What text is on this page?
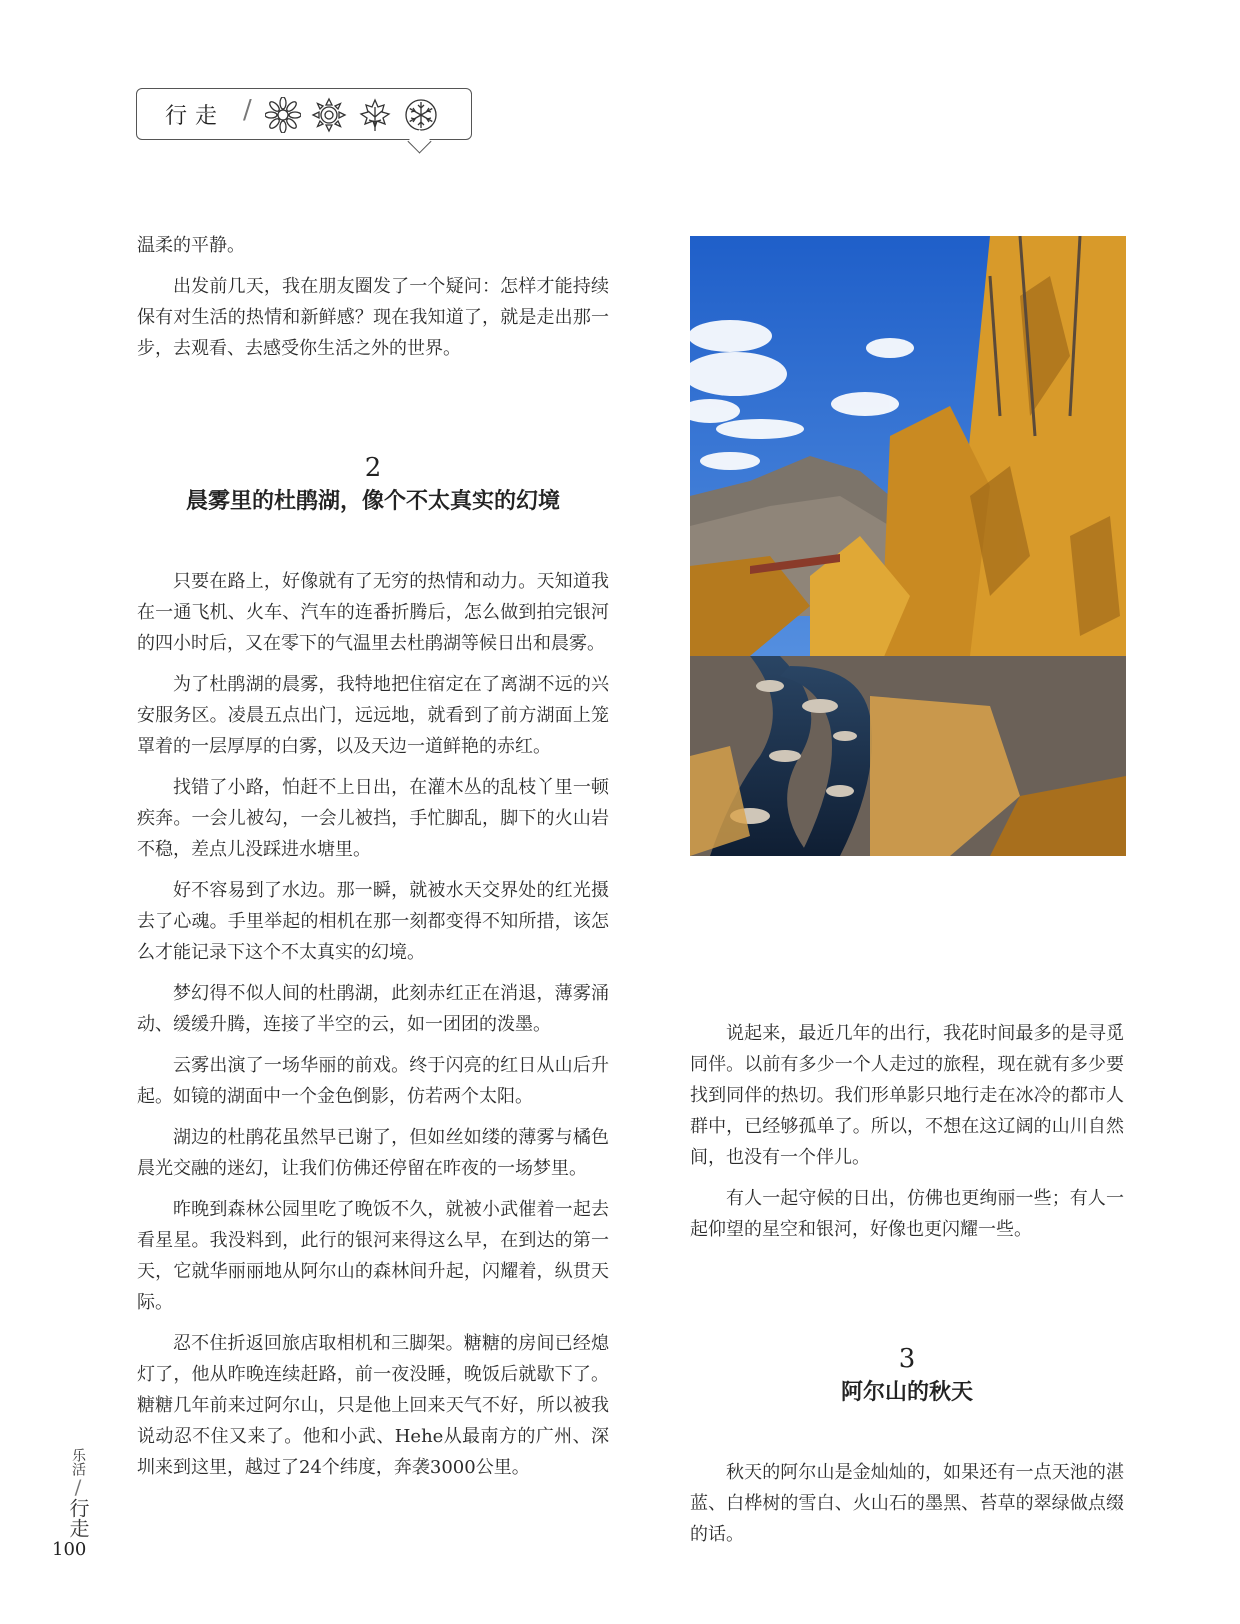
行走 /

温柔的平静。

出发前几天，我在朋友圈发了一个疑问：怎样才能持续保有对生活的热情和新鲜感？现在我知道了，就是走出那一步，去观看、去感受你生活之外的世界。

2
晨雾里的杜鹃湖，像个不太真实的幻境

只要在路上，好像就有了无穷的热情和动力。天知道我在一通飞机、火车、汽车的连番折腾后，怎么做到拍完银河的四小时后，又在零下的气温里去杜鹃湖等候日出和晨雾。

为了杜鹃湖的晨雾，我特地把住宿定在了离湖不远的兴安服务区。凌晨五点出门，远远地，就看到了前方湖面上笼罩着的一层厚厚的白雾，以及天边一道鲜艳的赤红。

找错了小路，怕赶不上日出，在灌木丛的乱枝丫里一顿疾奔。一会儿被勾，一会儿被挡，手忙脚乱，脚下的火山岩不稳，差点儿没踩进水塘里。

好不容易到了水边。那一瞬，就被水天交界处的红光摄去了心魂。手里举起的相机在那一刻都变得不知所措，该怎么才能记录下这个不太真实的幻境。

梦幻得不似人间的杜鹃湖，此刻赤红正在消退，薄雾涌动、缓缓升腾，连接了半空的云，如一团团的泼墨。

云雾出演了一场华丽的前戏。终于闪亮的红日从山后升起。如镜的湖面中一个金色倒影，仿若两个太阳。

湖边的杜鹃花虽然早已谢了，但如丝如缕的薄雾与橘色晨光交融的迷幻，让我们仿佛还停留在昨夜的一场梦里。

昨晚到森林公园里吃了晚饭不久，就被小武催着一起去看星星。我没料到，此行的银河来得这么早，在到达的第一天，它就华丽丽地从阿尔山的森林间升起，闪耀着，纵贯天际。

忍不住折返回旅店取相机和三脚架。糖糖的房间已经熄灯了，他从昨晚连续赶路，前一夜没睡，晚饭后就歇下了。糖糖几年前来过阿尔山，只是他上回来天气不好，所以被我说动忍不住又来了。他和小武、Hehe从最南方的广州、深圳来到这里，越过了24个纬度，奔袭3000公里。

说起来，最近几年的出行，我花时间最多的是寻觅同伴。以前有多少一个人走过的旅程，现在就有多少要找到同伴的热切。我们形单影只地行走在冰冷的都市人群中，已经够孤单了。所以，不想在这辽阔的山川自然间，也没有一个伴儿。

有人一起守候的日出，仿佛也更绚丽一些；有人一起仰望的星空和银河，好像也更闪耀一些。

3
阿尔山的秋天

秋天的阿尔山是金灿灿的，如果还有一点天池的湛蓝、白桦树的雪白、火山石的墨黑、苔草的翠绿做点缀的话。

乐活
/
行走
100
